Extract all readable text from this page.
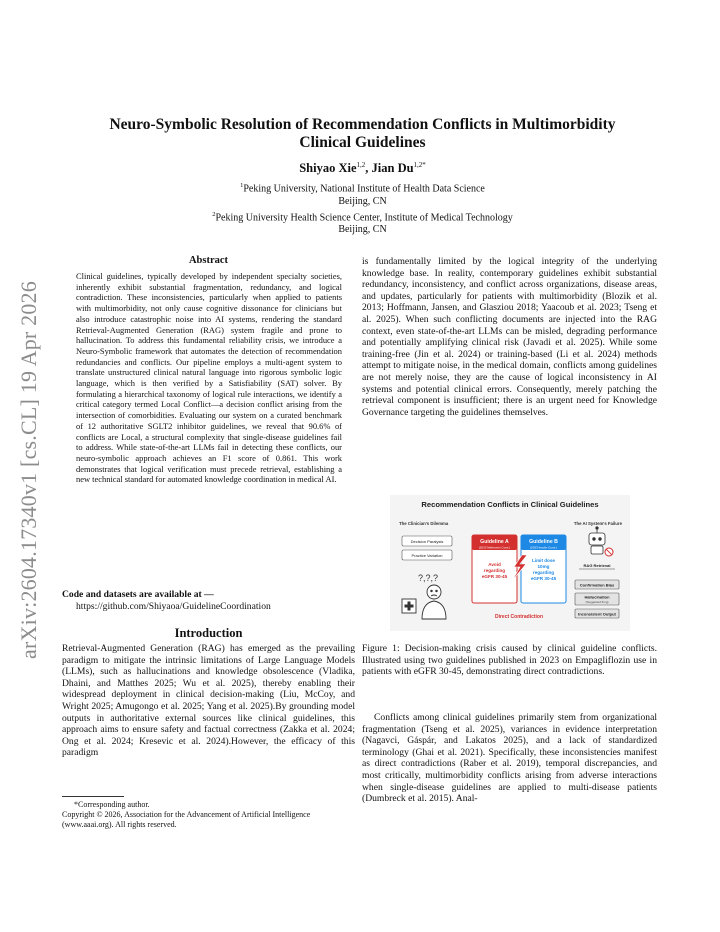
arXiv:2604.17340v1 [cs.CL] 19 Apr 2026
Neuro-Symbolic Resolution of Recommendation Conflicts in Multimorbidity Clinical Guidelines
Shiyao Xie$^{1,2}$, Jian $Du^{1,2*}$
$^1$Peking University, National Institute of Health Data Science
Beijing, CN
$^2$Peking University Health Science Center, Institute of Medical Technology
Beijing, CN
Abstract
Clinical guidelines, typically developed by independent specialty societies, inherently exhibit substantial fragmentation, redundancy, and logical contradiction. These inconsistencies, particularly when applied to patients with multimorbidity, not only cause cognitive dissonance for clinicians but also introduce catastrophic noise into AI systems, rendering the standard Retrieval-Augmented Generation (RAG) system fragile and prone to hallucination. To address this fundamental reliability crisis, we introduce a Neuro-Symbolic framework that automates the detection of recommendation redundancies and conflicts. Our pipeline employs a multi-agent system to translate unstructured clinical natural language into rigorous symbolic logic language, which is then verified by a Satisfiability (SAT) solver. By formulating a hierarchical taxonomy of logical rule interactions, we identify a critical category termed Local Conflict—a decision conflict arising from the intersection of comorbidities. Evaluating our system on a curated benchmark of 12 authoritative SGLT2 inhibitor guidelines, we reveal that 90.6% of conflicts are Local, a structural complexity that single-disease guidelines fail to address. While state-of-the-art LLMs fail in detecting these conflicts, our neuro-symbolic approach achieves an F1 score of 0.861. This work demonstrates that logical verification must precede retrieval, establishing a new technical standard for automated knowledge coordination in medical AI.
Code and datasets are available at —
https://github.com/Shiyaoa/GuidelineCoordination
Introduction
Retrieval-Augmented Generation (RAG) has emerged as the prevailing paradigm to mitigate the intrinsic limitations of Large Language Models (LLMs), such as hallucinations and knowledge obsolescence (Vladika, Dhaini, and Matthes 2025; Wu et al. 2025), thereby enabling their widespread deployment in clinical decision-making (Liu, McCoy, and Wright 2025; Amugongo et al. 2025; Yang et al. 2025).By grounding model outputs in authoritative external sources like clinical guidelines, this approach aims to ensure safety and factual correctness (Zakka et al. 2024; Ong et al. 2024; Kresevic et al. 2024).However, the efficacy of this paradigm
*Corresponding author.
Copyright © 2026, Association for the Advancement of Artificial Intelligence (www.aaai.org). All rights reserved.
is fundamentally limited by the logical integrity of the underlying knowledge base. In reality, contemporary guidelines exhibit substantial redundancy, inconsistency, and conflict across organizations, disease areas, and updates, particularly for patients with multimorbidity (Blozik et al. 2013; Hoffmann, Jansen, and Glasziou 2018; Yaacoub et al. 2023; Tseng et al. 2025). When such conflicting documents are injected into the RAG context, even state-of-the-art LLMs can be misled, degrading performance and potentially amplifying clinical risk (Javadi et al. 2025). While some training-free (Jin et al. 2024) or training-based (Li et al. 2024) methods attempt to mitigate noise, in the medical domain, conflicts among guidelines are not merely noise, they are the cause of logical inconsistency in AI systems and potential clinical errors. Consequently, merely patching the retrieval component is insufficient; there is an urgent need for Knowledge Governance targeting the guidelines themselves.
Recommendation Conflicts in Clinical Guidelines
The Clinician's Dilemma	The AI System's Failure
Decision Paralysis
Practice Variation
?,?,?
Guideline A
(2023 Metformin Cons.)
Avoid
regarding
eGFR 30-45
Guideline B
(2023 Insulin Cons.)
Limit dose
10mg
regarding
eGFR 30-45
Direct Contradiction
RAG Retrieval
Confirmation Bias
Hallucination
(Suggested 5mg)
Inconsistent Output
Figure 1: Decision-making crisis caused by clinical guideline conflicts. Illustrated using two guidelines published in 2023 on Empagliflozin use in patients with eGFR 30-45, demonstrating direct contradictions.
Conflicts among clinical guidelines primarily stem from organizational fragmentation (Tseng et al. 2025), variances in evidence interpretation (Nagavci, Gáspár, and Lakatos 2025), and a lack of standardized terminology (Ghai et al. 2021). Specifically, these inconsistencies manifest as direct contradictions (Raber et al. 2019), temporal discrepancies, and most critically, multimorbidity conflicts arising from adverse interactions when single-disease guidelines are applied to multi-disease patients (Dumbreck et al. 2015). Anal-
